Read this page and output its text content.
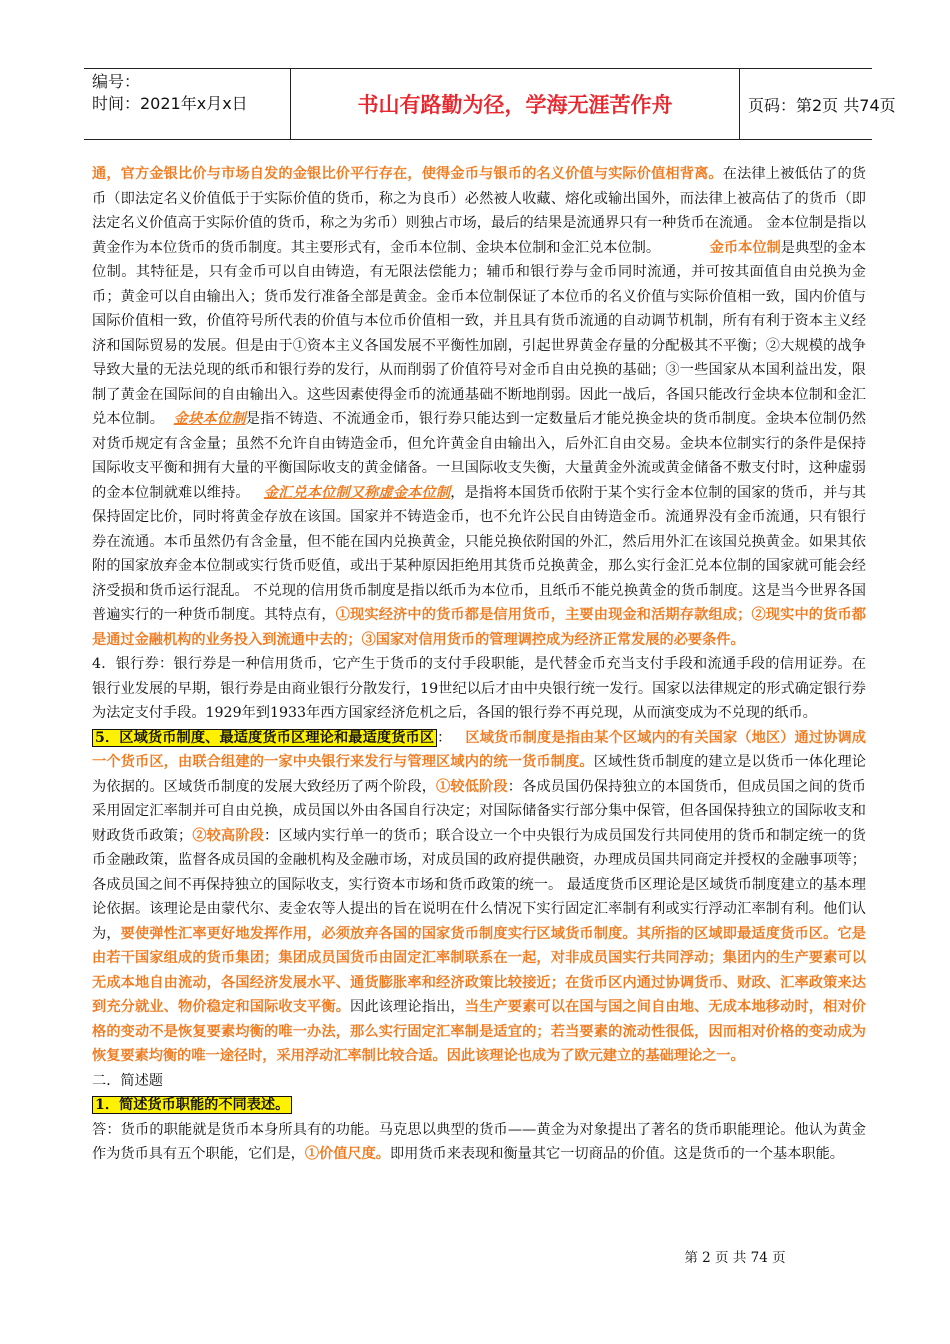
编号：
时间：2021年x月x日	书山有路勤为径，学海无涯苦作舟	页码：第2页 共74页

通，官方金银比价与市场自发的金银比价平行存在，使得金币与银币的名义价值与实际价值相背离。在法律上被低估了的货币（即法定名义价值低于于实际价值的货币，称之为良币）必然被人收藏、熔化或输出国外，而法律上被高估了的货币（即法定名义价值高于实际价值的货币，称之为劣币）则独占市场，最后的结果是流通界只有一种货币在流通。 金本位制是指以黄金作为本位货币的货币制度。其主要形式有，金币本位制、金块本位制和金汇兑本位制。	金币本位制是典型的金本位制。其特征是，只有金币可以自由铸造，有无限法偿能力；辅币和银行券与金币同时流通，并可按其面值自由兑换为金币；黄金可以自由输出入；货币发行准备全部是黄金。金币本位制保证了本位币的名义价值与实际价值相一致，国内价值与国际价值相一致，价值符号所代表的价值与本位币价值相一致，并且具有货币流通的自动调节机制，所有有利于资本主义经济和国际贸易的发展。但是由于①资本主义各国发展不平衡性加剧，引起世界黄金存量的分配极其不平衡；②大规模的战争导致大量的无法兑现的纸币和银行券的发行，从而削弱了价值符号对金币自由兑换的基础；③一些国家从本国利益出发，限制了黄金在国际间的自由输出入。这些因素使得金币的流通基础不断地削弱。因此一战后，各国只能改行金块本位制和金汇兑本位制。 金块本位制是指不铸造、不流通金币，银行券只能达到一定数量后才能兑换金块的货币制度。金块本位制仍然对货币规定有含金量；虽然不允许自由铸造金币，但允许黄金自由输出入，后外汇自由交易。金块本位制实行的条件是保持国际收支平衡和拥有大量的平衡国际收支的黄金储备。一旦国际收支失衡，大量黄金外流或黄金储备不敷支付时，这种虚弱的金本位制就难以维持。 金汇兑本位制又称虚金本位制，是指将本国货币依附于某个实行金本位制的国家的货币，并与其保持固定比价，同时将黄金存放在该国。国家并不铸造金币，也不允许公民自由铸造金币。流通界没有金币流通，只有银行券在流通。本币虽然仍有含金量，但不能在国内兑换黄金，只能兑换依附国的外汇，然后用外汇在该国兑换黄金。如果其依附的国家放弃金本位制或实行货币贬值，或出于某种原因拒绝用其货币兑换黄金，那么实行金汇兑本位制的国家就可能会经济受损和货币运行混乱。 不兑现的信用货币制度是指以纸币为本位币，且纸币不能兑换黄金的货币制度。这是当今世界各国普遍实行的一种货币制度。其特点有，①现实经济中的货币都是信用货币，主要由现金和活期存款组成；②现实中的货币都是通过金融机构的业务投入到流通中去的；③国家对信用货币的管理调控成为经济正常发展的必要条件。

4．银行券：银行券是一种信用货币，它产生于货币的支付手段职能，是代替金币充当支付手段和流通手段的信用证券。在银行业发展的早期，银行券是由商业银行分散发行，19世纪以后才由中央银行统一发行。国家以法律规定的形式确定银行券为法定支付手段。1929年到1933年西方国家经济危机之后，各国的银行券不再兑现，从而演变成为不兑现的纸币。

5．区域货币制度、最适度货币区理论和最适度货币区 ： 区域货币制度是指由某个区域内的有关国家（地区）通过协调成一个货币区，由联合组建的一家中央银行来发行与管理区域内的统一货币制度。区域性货币制度的建立是以货币一体化理论为依据的。区域货币制度的发展大致经历了两个阶段，①较低阶段：各成员国仍保持独立的本国货币，但成员国之间的货币采用固定汇率制并可自由兑换，成员国以外由各国自行决定；对国际储备实行部分集中保管，但各国保持独立的国际收支和财政货币政策；②较高阶段：区域内实行单一的货币；联合设立一个中央银行为成员国发行共同使用的货币和制定统一的货币金融政策，监督各成员国的金融机构及金融市场，对成员国的政府提供融资，办理成员国共同商定并授权的金融事项等；各成员国之间不再保持独立的国际收支，实行资本市场和货币政策的统一。 最适度货币区理论是区域货币制度建立的基本理论依据。该理论是由蒙代尔、麦金农等人提出的旨在说明在什么情况下实行固定汇率制有利或实行浮动汇率制有利。他们认为，要使弹性汇率更好地发挥作用，必须放弃各国的国家货币制度实行区域货币制度。其所指的区域即最适度货币区。它是由若干国家组成的货币集团；集团成员国货币由固定汇率制联系在一起，对非成员国实行共同浮动；集团内的生产要素可以无成本地自由流动，各国经济发展水平、通货膨胀率和经济政策比较接近；在货币区内通过协调货币、财政、汇率政策来达到充分就业、物价稳定和国际收支平衡。因此该理论指出，当生产要素可以在国与国之间自由地、无成本地移动时，相对价格的变动不是恢复要素均衡的唯一办法，那么实行固定汇率制是适宜的；若当要素的流动性很低，因而相对价格的变动成为恢复要素均衡的唯一途径时，采用浮动汇率制比较合适。因此该理论也成为了欧元建立的基础理论之一。

二．简述题

1．简述货币职能的不同表述。

答：货币的职能就是货币本身所具有的功能。马克思以典型的货币——黄金为对象提出了著名的货币职能理论。他认为黄金作为货币具有五个职能，它们是，①价值尺度。即用货币来表现和衡量其它一切商品的价值。这是货币的一个基本职能。

第 2 页 共 74 页
